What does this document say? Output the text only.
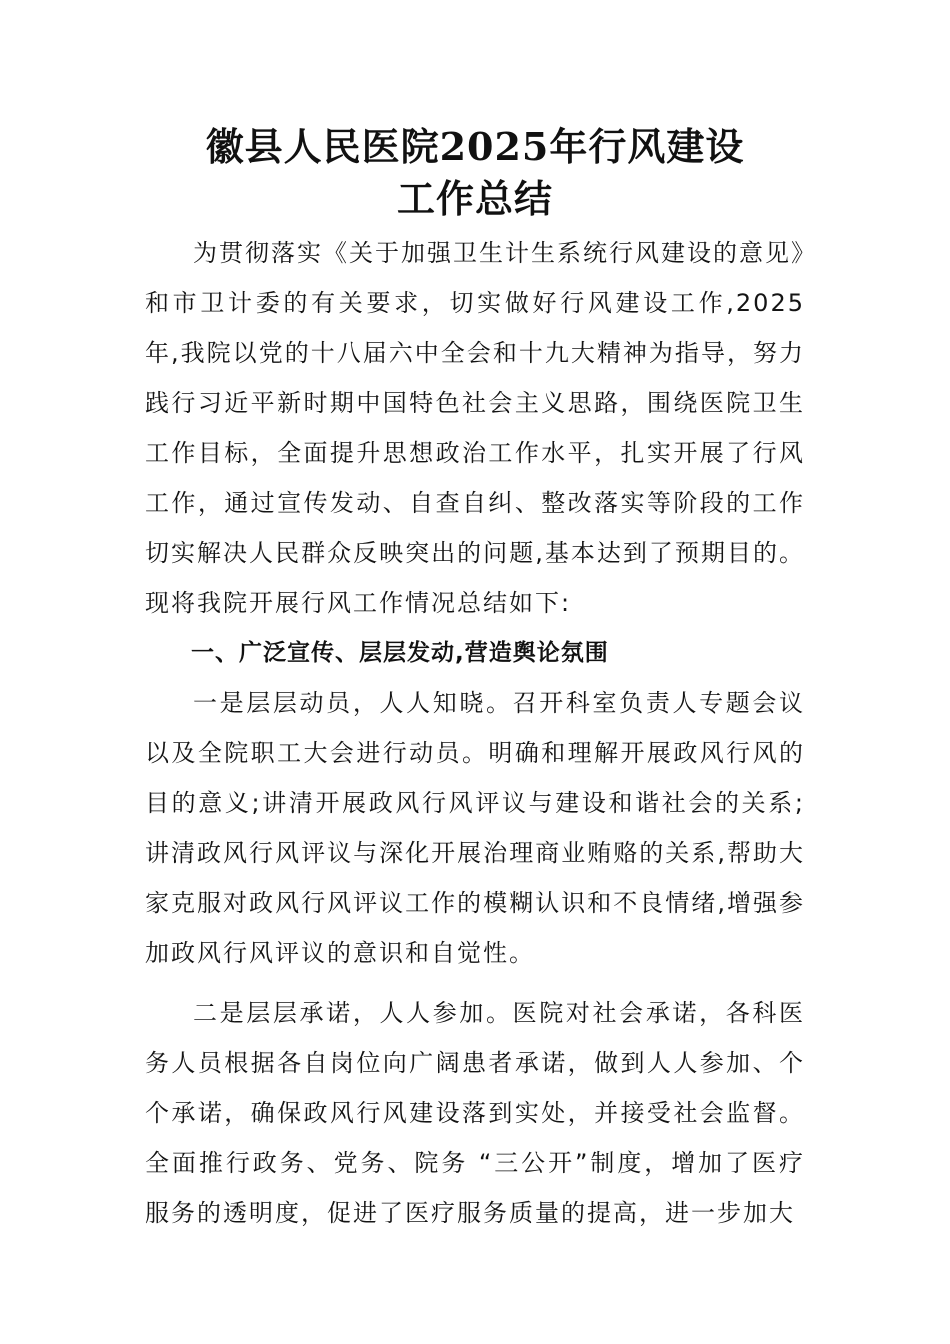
徽县人民医院2025年行风建设
工作总结

为贯彻落实《关于加强卫生计生系统行风建设的意见》和市卫计委的有关要求，切实做好行风建设工作,2025年,我院以党的十八届六中全会和十九大精神为指导，努力践行习近平新时期中国特色社会主义思路，围绕医院卫生工作目标，全面提升思想政治工作水平，扎实开展了行风工作，通过宣传发动、自查自纠、整改落实等阶段的工作切实解决人民群众反映突出的问题,基本达到了预期目的。现将我院开展行风工作情况总结如下:

一、广泛宣传、层层发动,营造舆论氛围

一是层层动员，人人知晓。召开科室负责人专题会议以及全院职工大会进行动员。明确和理解开展政风行风的目的意义;讲清开展政风行风评议与建设和谐社会的关系;讲清政风行风评议与深化开展治理商业贿赂的关系,帮助大家克服对政风行风评议工作的模糊认识和不良情绪,增强参加政风行风评议的意识和自觉性。

二是层层承诺，人人参加。医院对社会承诺，各科医务人员根据各自岗位向广阔患者承诺，做到人人参加、个个承诺，确保政风行风建设落到实处，并接受社会监督。全面推行政务、党务、院务 “三公开”制度，增加了医疗服务的透明度，促进了医疗服务质量的提高，进一步加大
